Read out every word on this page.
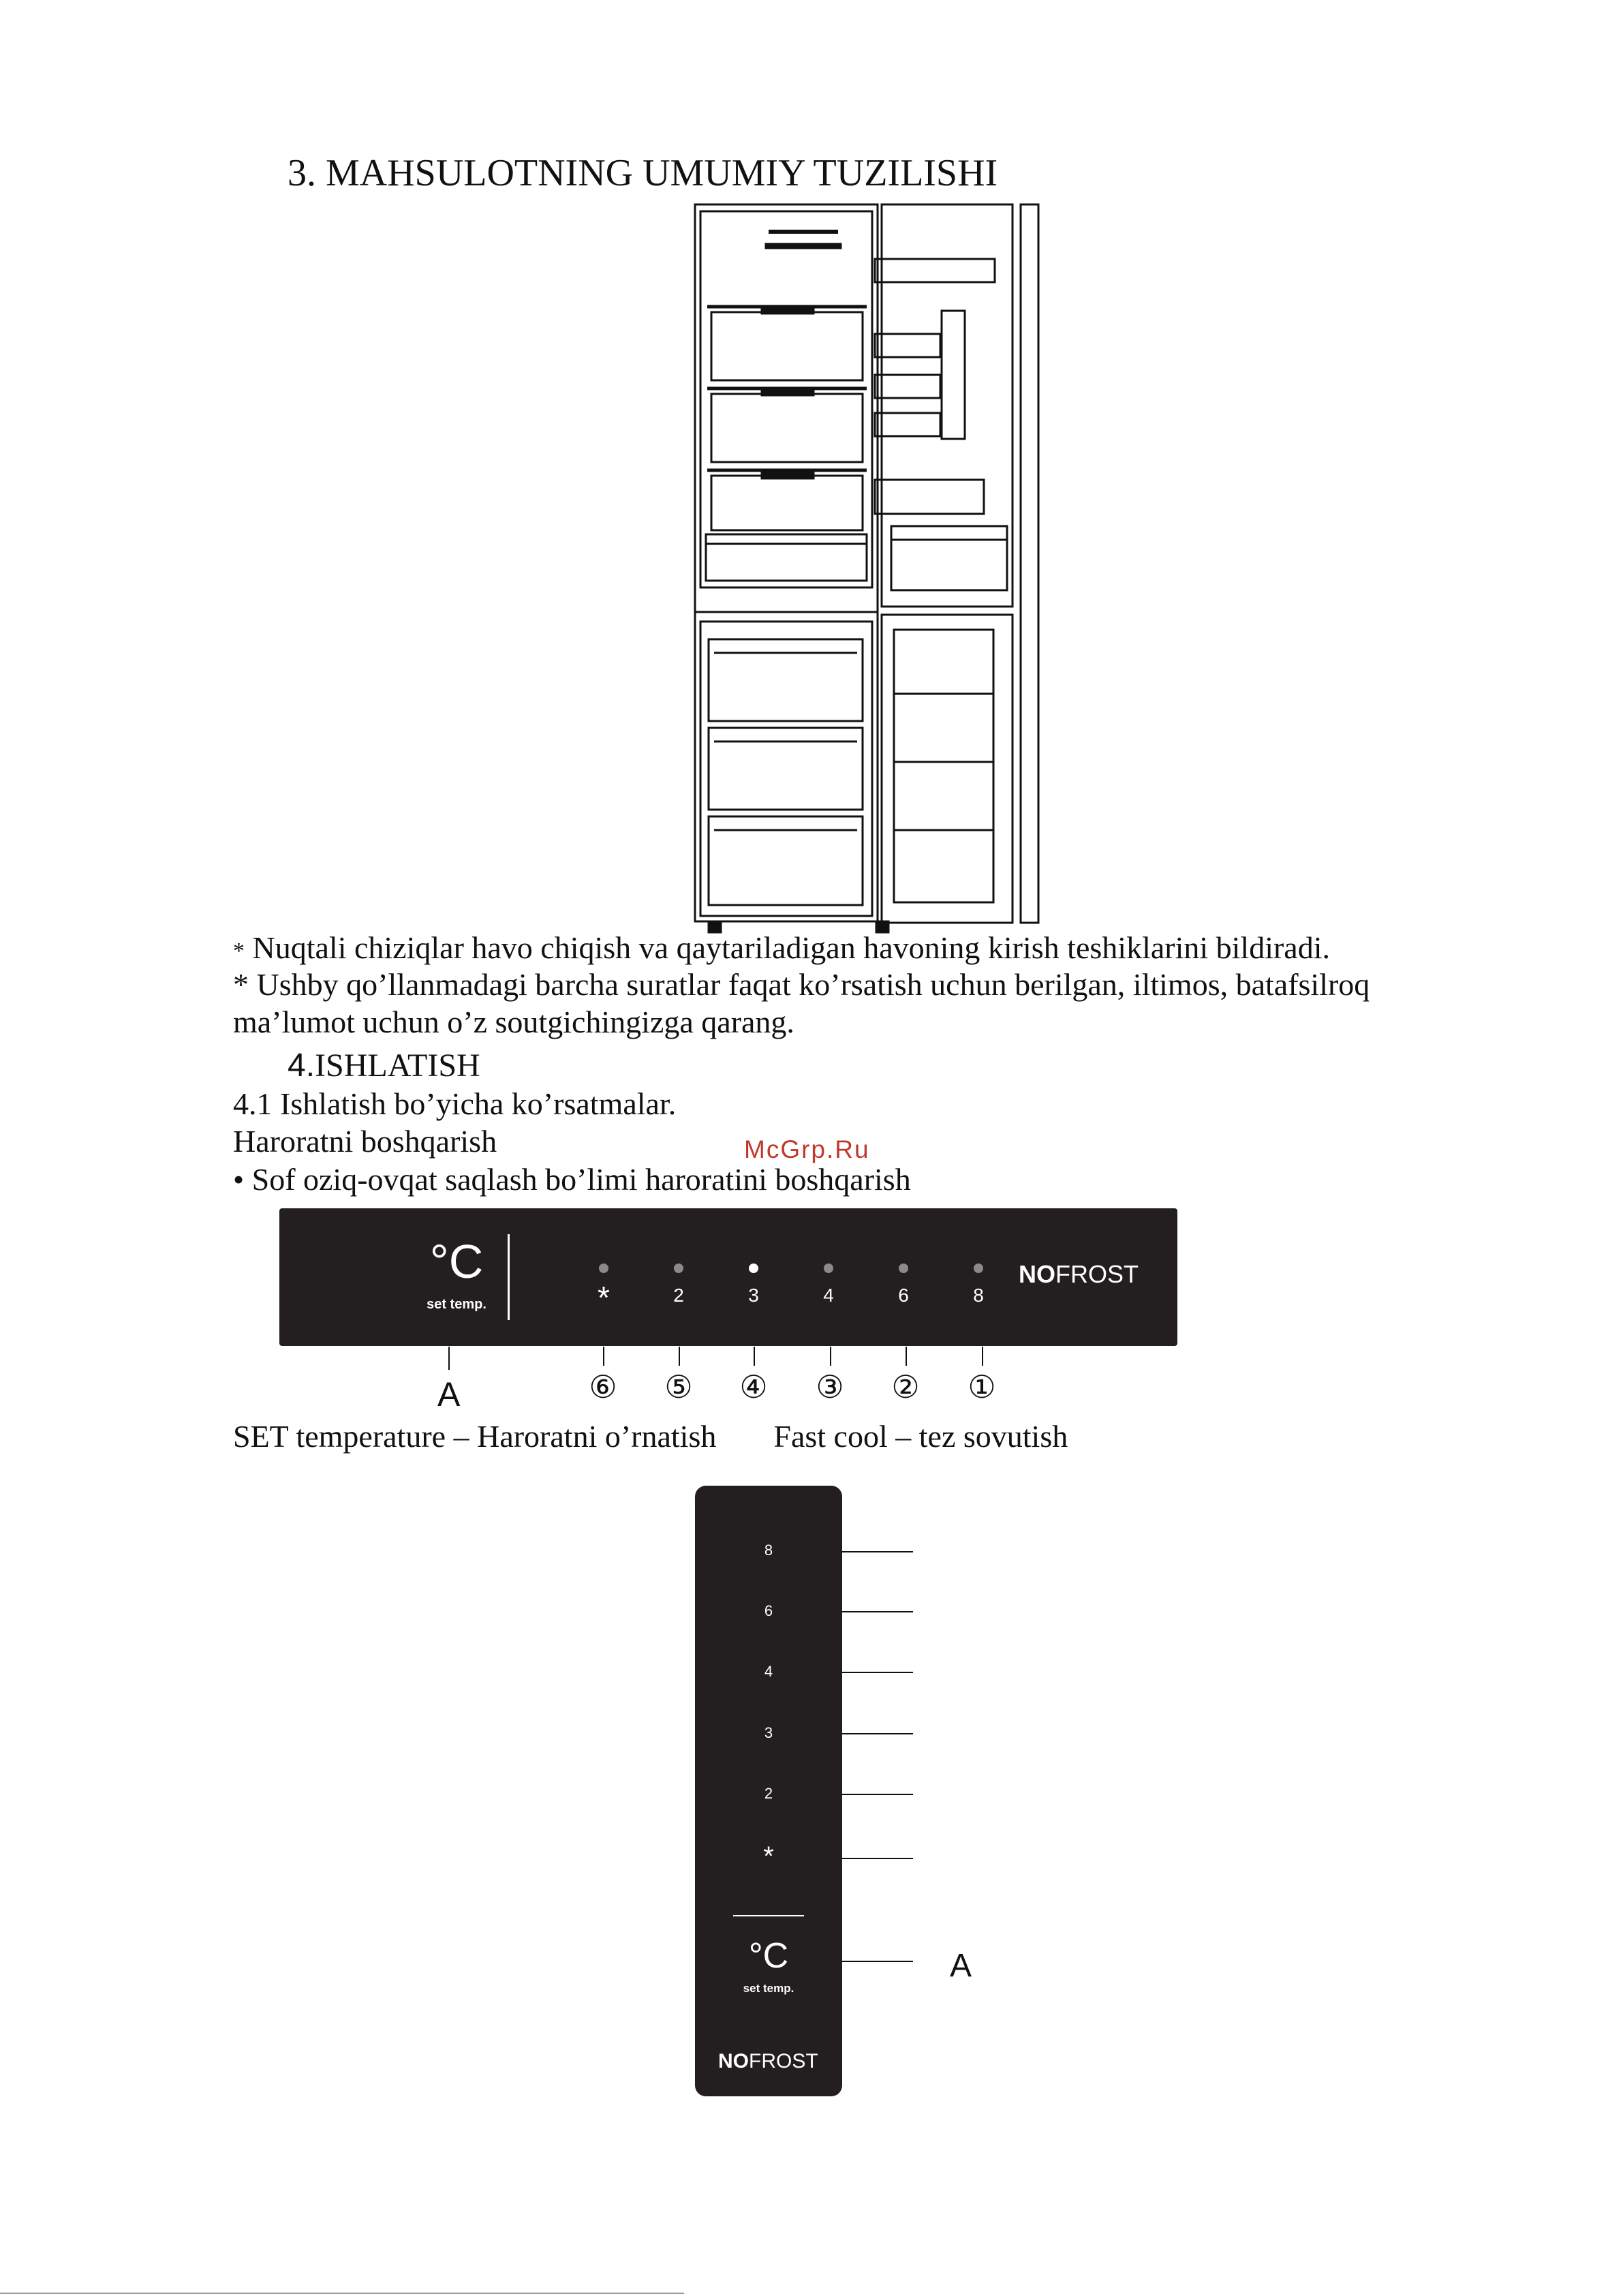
3. MAHSULOTNING UMUMIY TUZILISHI
* Nuqtali chiziqlar havo chiqish va qaytariladigan havoning kirish teshiklarini bildiradi.
* Ushby qo’llanmadagi barcha suratlar faqat ko’rsatish uchun berilgan, iltimos, batafsilroq
ma’lumot uchun o’z soutgichingizga qarang.
4.ISHLATISH
4.1 Ishlatish bo’yicha ko’rsatmalar.
Haroratni boshqarish
• Sof oziq-ovqat saqlash bo’limi haroratini boshqarish
McGrp.Ru
°C
set temp.	*	2	3	4	6	8
NOFROST
A	⑥ ⑤ ④ ③ ② ①
SET temperature – Haroratni o’rnatish Fast cool – tez sovutish
8
6
4
3
2
*
°C
set temp.
NOFROST
A
